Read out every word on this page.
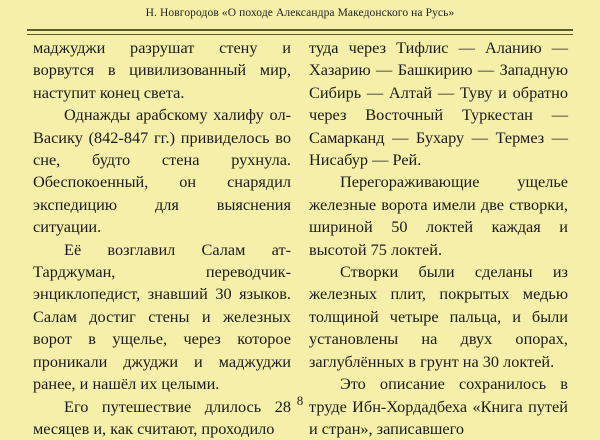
Н. Новгородов «О походе Александра Македонского на Русь»

маджуджи разрушат стену и ворвутся в цивилизованный мир, наступит конец света.

Однажды арабскому халифу ол-Васику (842-847 гг.) привиделось во сне, будто стена рухнула. Обеспокоенный, он снарядил экспедицию для выяснения ситуации.

Её возглавил Салам ат-Тарджуман, переводчик-энциклопедист, знавший 30 языков. Салам достиг стены и железных ворот в ущелье, через которое проникали джуджи и маджуджи ранее, и нашёл их целыми.

Его путешествие длилось 28 месяцев и, как считают, проходило

туда через Тифлис — Аланию — Хазарию — Башкирию — Западную Сибирь — Алтай — Туву и обратно через Восточный Туркестан — Самарканд — Бухару — Термез — Нисабур — Рей.

Перегораживающие ущелье железные ворота имели две створки, шириной 50 локтей каждая и высотой 75 локтей.

Створки были сделаны из железных плит, покрытых медью толщиной четыре пальца, и были установлены на двух опорах, заглублённых в грунт на 30 локтей.

Это описание сохранилось в труде Ибн-Хордадбеха «Книга путей и стран», записавшего

8
